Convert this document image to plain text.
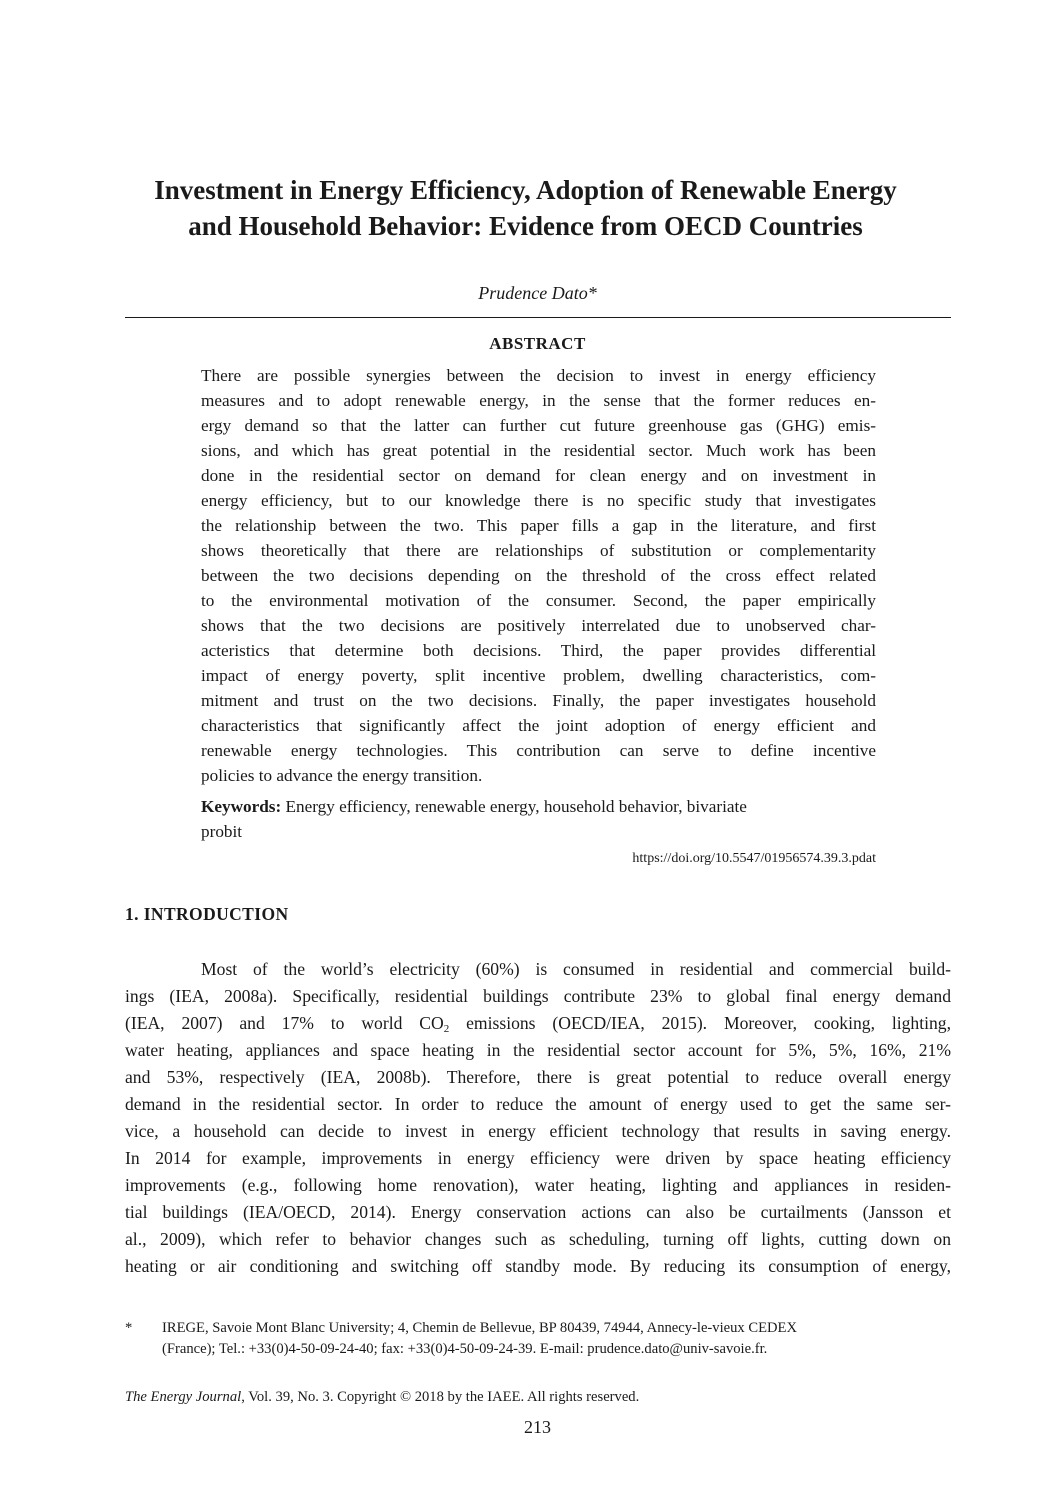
Investment in Energy Efficiency, Adoption of Renewable Energy
and Household Behavior: Evidence from OECD Countries
Prudence Dato*
ABSTRACT
There are possible synergies between the decision to invest in energy efficiency
measures and to adopt renewable energy, in the sense that the former reduces en-
ergy demand so that the latter can further cut future greenhouse gas (GHG) emis-
sions, and which has great potential in the residential sector. Much work has been
done in the residential sector on demand for clean energy and on investment in
energy efficiency, but to our knowledge there is no specific study that investigates
the relationship between the two. This paper fills a gap in the literature, and first
shows theoretically that there are relationships of substitution or complementarity
between the two decisions depending on the threshold of the cross effect related
to the environmental motivation of the consumer. Second, the paper empirically
shows that the two decisions are positively interrelated due to unobserved char-
acteristics that determine both decisions. Third, the paper provides differential
impact of energy poverty, split incentive problem, dwelling characteristics, com-
mitment and trust on the two decisions. Finally, the paper investigates household
characteristics that significantly affect the joint adoption of energy efficient and
renewable energy technologies. This contribution can serve to define incentive
policies to advance the energy transition.
Keywords: Energy efficiency, renewable energy, household behavior, bivariate
probit
https://doi.org/10.5547/01956574.39.3.pdat
1. INTRODUCTION
Most of the world’s electricity (60%) is consumed in residential and commercial build-
ings (IEA, 2008a). Specifically, residential buildings contribute 23% to global final energy demand
(IEA, 2007) and 17% to world $CO_2$ emissions (OECD/IEA, 2015). Moreover, cooking, lighting,
water heating, appliances and space heating in the residential sector account for 5%, 5%, 16%, 21%
and 53%, respectively (IEA, 2008b). Therefore, there is great potential to reduce overall energy
demand in the residential sector. In order to reduce the amount of energy used to get the same ser-
vice, a household can decide to invest in energy efficient technology that results in saving energy.
In 2014 for example, improvements in energy efficiency were driven by space heating efficiency
improvements (e.g., following home renovation), water heating, lighting and appliances in residen-
tial buildings (IEA/OECD, 2014). Energy conservation actions can also be curtailments (Jansson et
al., 2009), which refer to behavior changes such as scheduling, turning off lights, cutting down on
heating or air conditioning and switching off standby mode. By reducing its consumption of energy,
* IREGE, Savoie Mont Blanc University; 4, Chemin de Bellevue, BP 80439, 74944, Annecy-le-vieux CEDEX
(France); Tel.: +33(0)4-50-09-24-40; fax: +33(0)4-50-09-24-39. E-mail: prudence.dato@univ-savoie.fr.
The Energy Journal, Vol. 39, No. 3. Copyright © 2018 by the IAEE. All rights reserved.
213
